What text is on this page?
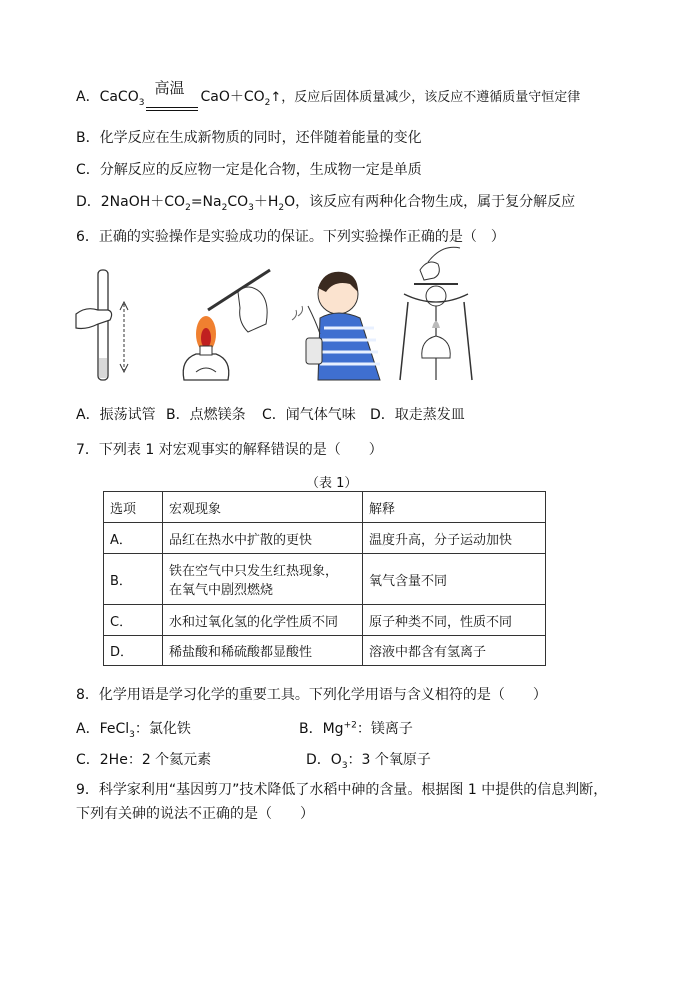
A．CaCO$_3$
高温 $CaO+CO_2↑$，反应后固体质量减少，该反应不遵循质量守恒定律
B．化学反应在生成新物质的同时，还伴随着能量的变化
C．分解反应的反应物一定是化合物，生成物一定是单质
D．$2NaOH+CO_2=Na_2CO_3+H_2O$，该反应有两种化合物生成，属于复分解反应
6．正确的实验操作是实验成功的保证。下列实验操作正确的是（　）
A．振荡试管 B．点燃镁条 C．闻气体气味 D．取走蒸发皿
7．下列表 1 对宏观事实的解释错误的是（　　）
（表 1）
选项	宏观现象	解释
A．	品红在热水中扩散的更快	温度升高，分子运动加快
B．	铁在空气中只发生红热现象，
在氧气中剧烈燃烧	氧气含量不同
C．	水和过氧化氢的化学性质不同	原子种类不同，性质不同
D．	稀盐酸和稀硫酸都显酸性	溶液中都含有氢离子
8．化学用语是学习化学的重要工具。下列化学用语与含义相符的是（　　）
A．FeCl$_3$：氯化铁	B．$Mg^{+2}$：镁离子
C．2He：2 个氦元素	D．$O_3$：3 个氧原子
9．科学家利用“基因剪刀”技术降低了水稻中砷的含量。根据图 1 中提供的信息判断，
下列有关砷的说法不正确的是（　　）
